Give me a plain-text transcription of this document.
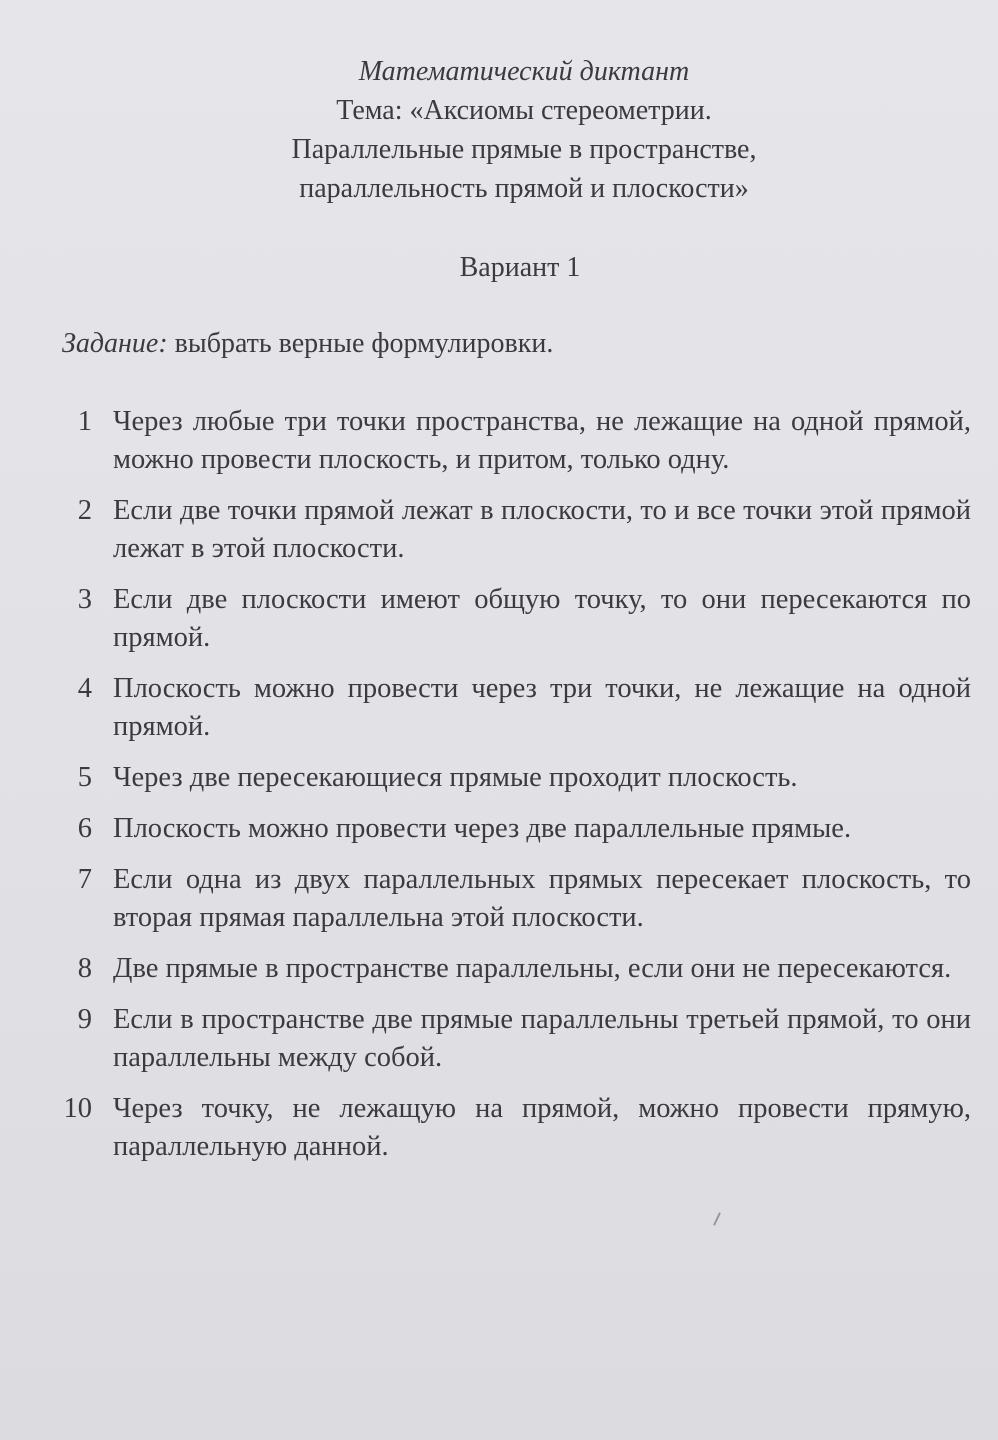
Математический диктант
Тема: «Аксиомы стереометрии.
Параллельные прямые в пространстве,
параллельность прямой и плоскости»
Вариант 1
Задание: выбрать верные формулировки.
1 Через любые три точки пространства, не лежащие на одной прямой, можно провести плоскость, и притом, только одну.
2 Если две точки прямой лежат в плоскости, то и все точки этой прямой лежат в этой плоскости.
3 Если две плоскости имеют общую точку, то они пересекаются по прямой.
4 Плоскость можно провести через три точки, не лежащие на одной прямой.
5 Через две пересекающиеся прямые проходит плоскость.
6 Плоскость можно провести через две параллельные прямые.
7 Если одна из двух параллельных прямых пересекает плоскость, то вторая прямая параллельна этой плоскости.
8 Две прямые в пространстве параллельны, если они не пересекаются.
9 Если в пространстве две прямые параллельны третьей прямой, то они параллельны между собой.
10 Через точку, не лежащую на прямой, можно провести прямую, параллельную данной.
